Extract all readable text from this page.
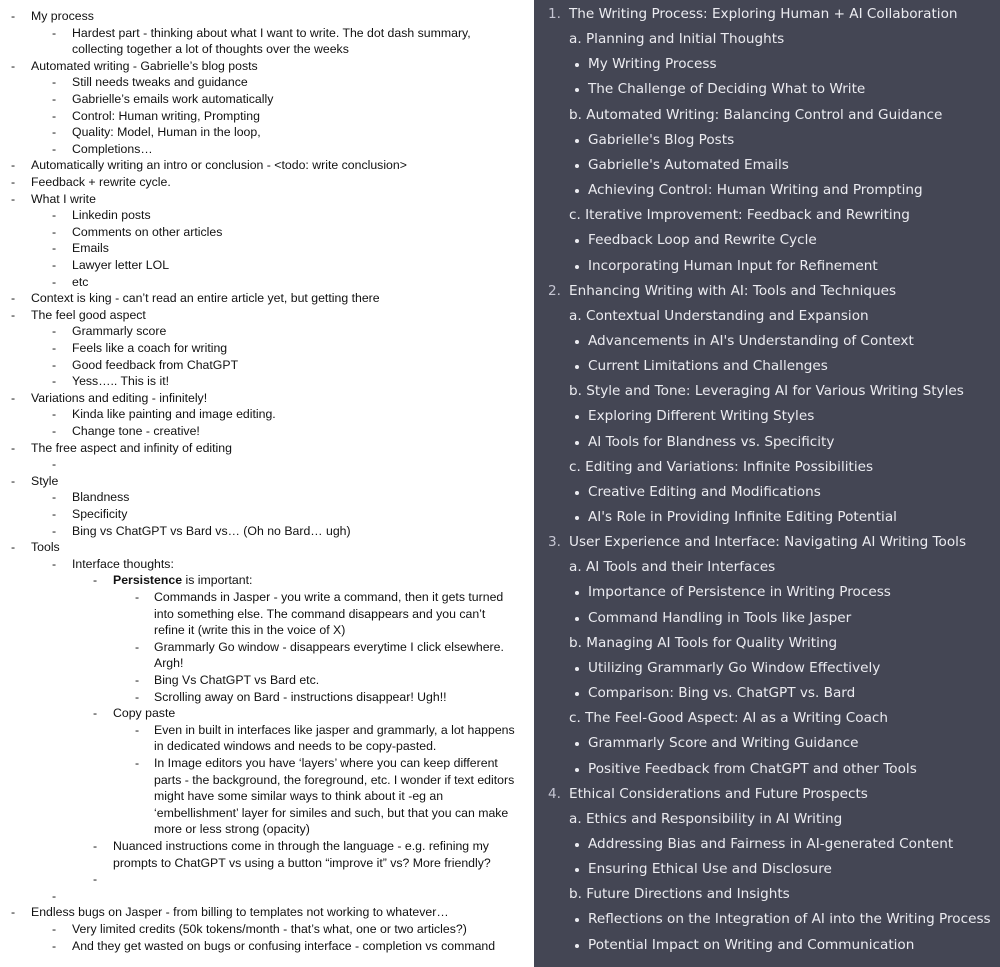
- My process
- Hardest part - thinking about what I want to write. The dot dash summary,
collecting together a lot of thoughts over the weeks
- Automated writing - Gabrielle’s blog posts
- Still needs tweaks and guidance
- Gabrielle’s emails work automatically
- Control: Human writing, Prompting
- Quality: Model, Human in the loop,
- Completions…
- Automatically writing an intro or conclusion - <todo: write conclusion>
- Feedback + rewrite cycle.
- What I write
- Linkedin posts
- Comments on other articles
- Emails
- Lawyer letter LOL
- etc
- Context is king - can’t read an entire article yet, but getting there
- The feel good aspect
- Grammarly score
- Feels like a coach for writing
- Good feedback from ChatGPT
- Yess….. This is it!
- Variations and editing - infinitely!
- Kinda like painting and image editing.
- Change tone - creative!
- The free aspect and infinity of editing
-
- Style
- Blandness
- Specificity
- Bing vs ChatGPT vs Bard vs… (Oh no Bard… ugh)
- Tools
- Interface thoughts:
- Persistence is important:
- Commands in Jasper - you write a command, then it gets turned
into something else. The command disappears and you can’t
refine it (write this in the voice of X)
- Grammarly Go window - disappears everytime I click elsewhere.
Argh!
- Bing Vs ChatGPT vs Bard etc.
- Scrolling away on Bard - instructions disappear! Ugh!!
- Copy paste
- Even in built in interfaces like jasper and grammarly, a lot happens
in dedicated windows and needs to be copy-pasted.
- In Image editors you have ‘layers’ where you can keep different
parts - the background, the foreground, etc. I wonder if text editors
might have some similar ways to think about it -eg an
‘embellishment’ layer for similes and such, but that you can make
more or less strong (opacity)
- Nuanced instructions come in through the language - e.g. refining my
prompts to ChatGPT vs using a button “improve it” vs? More friendly?
-
-
- Endless bugs on Jasper - from billing to templates not working to whatever…
- Very limited credits (50k tokens/month - that’s what, one or two articles?)
- And they get wasted on bugs or confusing interface - completion vs command
1. The Writing Process: Exploring Human + AI Collaboration
a. Planning and Initial Thoughts
My Writing Process
The Challenge of Deciding What to Write
b. Automated Writing: Balancing Control and Guidance
Gabrielle's Blog Posts
Gabrielle's Automated Emails
Achieving Control: Human Writing and Prompting
c. Iterative Improvement: Feedback and Rewriting
Feedback Loop and Rewrite Cycle
Incorporating Human Input for Refinement
2. Enhancing Writing with AI: Tools and Techniques
a. Contextual Understanding and Expansion
Advancements in AI's Understanding of Context
Current Limitations and Challenges
b. Style and Tone: Leveraging AI for Various Writing Styles
Exploring Different Writing Styles
AI Tools for Blandness vs. Specificity
c. Editing and Variations: Infinite Possibilities
Creative Editing and Modifications
AI's Role in Providing Infinite Editing Potential
3. User Experience and Interface: Navigating AI Writing Tools
a. AI Tools and their Interfaces
Importance of Persistence in Writing Process
Command Handling in Tools like Jasper
b. Managing AI Tools for Quality Writing
Utilizing Grammarly Go Window Effectively
Comparison: Bing vs. ChatGPT vs. Bard
c. The Feel-Good Aspect: AI as a Writing Coach
Grammarly Score and Writing Guidance
Positive Feedback from ChatGPT and other Tools
4. Ethical Considerations and Future Prospects
a. Ethics and Responsibility in AI Writing
Addressing Bias and Fairness in AI-generated Content
Ensuring Ethical Use and Disclosure
b. Future Directions and Insights
Reflections on the Integration of AI into the Writing Process
Potential Impact on Writing and Communication
